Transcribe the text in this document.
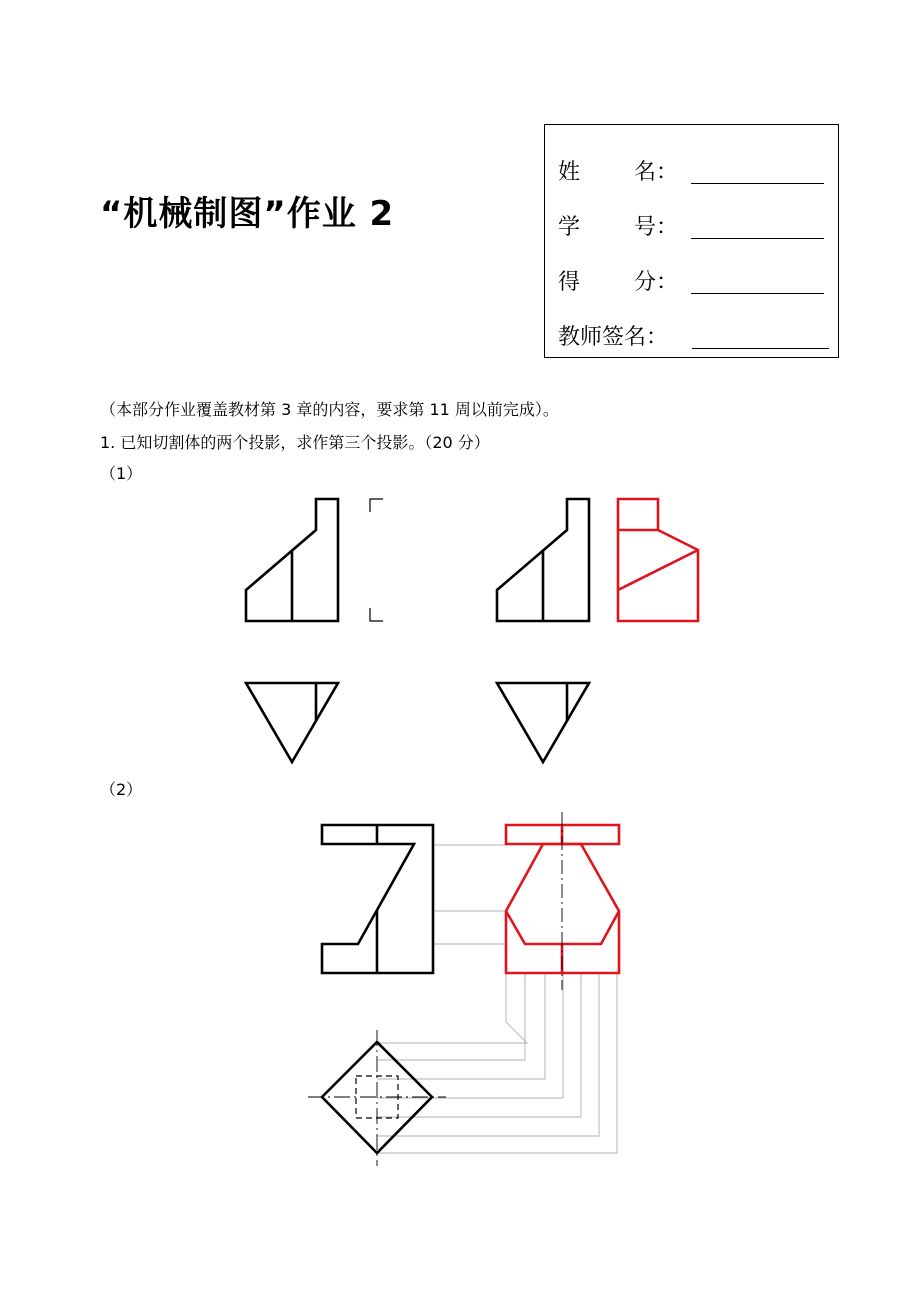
“机械制图”作业 2
姓 名：
学 号：
得 分：
教师签名：
（本部分作业覆盖教材第 3 章的内容，要求第 11 周以前完成）。
1. 已知切割体的两个投影，求作第三个投影。（20 分）
（1）
（2）
